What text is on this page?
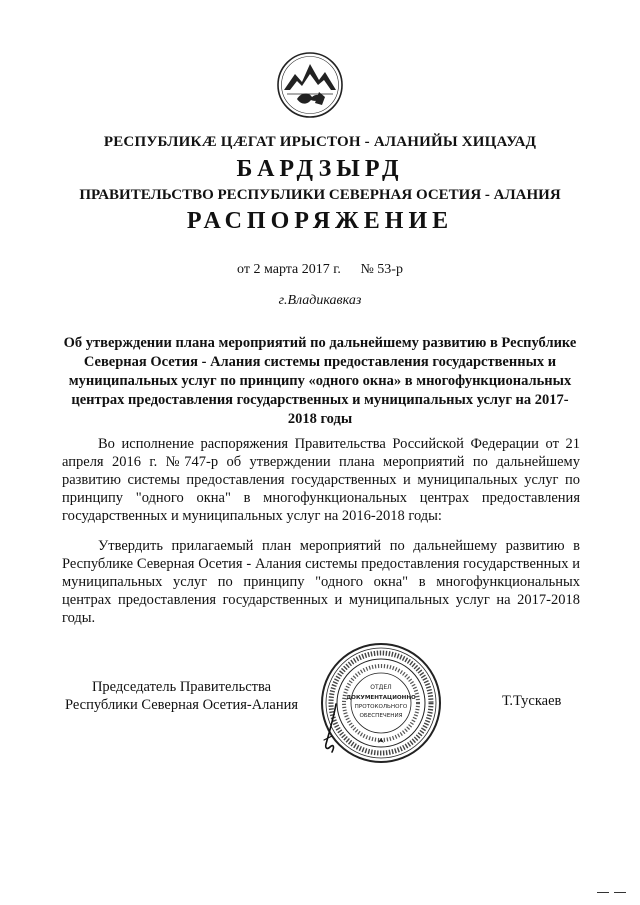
РЕСПУБЛИКӔ ЦӔГАТ ИРЫСТОН - АЛАНИЙЫ ХИЦАУАД
БАРДЗЫРД
ПРАВИТЕЛЬСТВО РЕСПУБЛИКИ СЕВЕРНАЯ ОСЕТИЯ - АЛАНИЯ
РАСПОРЯЖЕНИЕ
от 2 марта 2017 г. № 53-р
г.Владикавказ
Об утверждении плана мероприятий по дальнейшему развитию в Республике Северная Осетия - Алания системы предоставления государственных и муниципальных услуг по принципу «одного окна» в многофункциональных центрах предоставления государственных и муниципальных услуг на 2017-2018 годы
Во исполнение распоряжения Правительства Российской Федерации от 21 апреля 2016 г. №747-р об утверждении плана мероприятий по дальнейшему развитию системы предоставления государственных и муниципальных услуг по принципу "одного окна" в многофункциональных центрах предоставления государственных и муниципальных услуг на 2016-2018 годы:
Утвердить прилагаемый план мероприятий по дальнейшему развитию в Республике Северная Осетия - Алания системы предоставления государственных и муниципальных услуг по принципу "одного окна" в многофункциональных центрах предоставления государственных и муниципальных услуг на 2017-2018 годы.
Председатель Правительства
Республики Северная Осетия-Алания
ОТДЕЛ
ДОКУМЕНТАЦИОННО
ПРОТОКОЛЬНОГО
ОБЕСПЕЧЕНИЯ
Т.Тускаев
